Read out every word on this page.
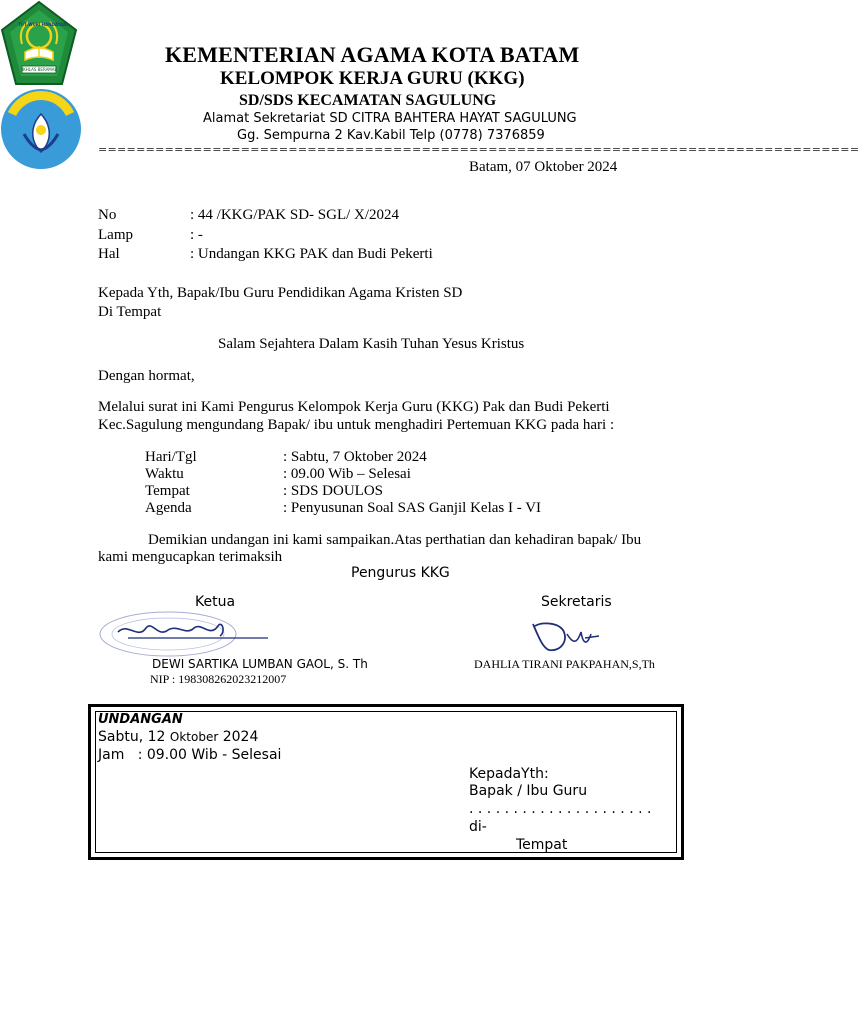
IKHLAS BERAMAL
TUT WURI HANDAYANI
KEMENTERIAN AGAMA KOTA BATAM
KELOMPOK KERJA GURU (KKG)
SD/SDS KECAMATAN SAGULUNG
Alamat Sekretariat SD CITRA BAHTERA HAYAT SAGULUNG
Gg. Sempurna 2 Kav.Kabil Telp (0778) 7376859
================================================================================
Batam, 07 Oktober 2024
No	: 44 /KKG/PAK SD- SGL/ X/2024
Lamp	: -
Hal	: Undangan KKG PAK dan Budi Pekerti
Kepada Yth, Bapak/Ibu Guru Pendidikan Agama Kristen SD
Di Tempat
Salam Sejahtera Dalam Kasih Tuhan Yesus Kristus
Dengan hormat,
Melalui surat ini Kami Pengurus Kelompok Kerja Guru (KKG) Pak dan Budi Pekerti
Kec.Sagulung mengundang Bapak/ ibu untuk menghadiri Pertemuan KKG pada hari :
Hari/Tgl	: Sabtu, 7 Oktober 2024
Waktu	: 09.00 Wib – Selesai
Tempat	: SDS DOULOS
Agenda	: Penyusunan Soal SAS Ganjil Kelas I - VI
Demikian undangan ini kami sampaikan.Atas perthatian dan kehadiran bapak/ Ibu
kami mengucapkan terimaksih
Pengurus KKG
Ketua	Sekretaris
DEWI SARTIKA LUMBAN GAOL, S. Th
NIP : 198308262023212007
DAHLIA TIRANI PAKPAHAN,S,Th
UNDANGAN
Sabtu, 12 Oktober 2024
Jam   : 09.00 Wib - Selesai
KepadaYth:
Bapak / Ibu Guru
. . . . . . . . . . . . . . . . . . . . .
di-
Tempat
